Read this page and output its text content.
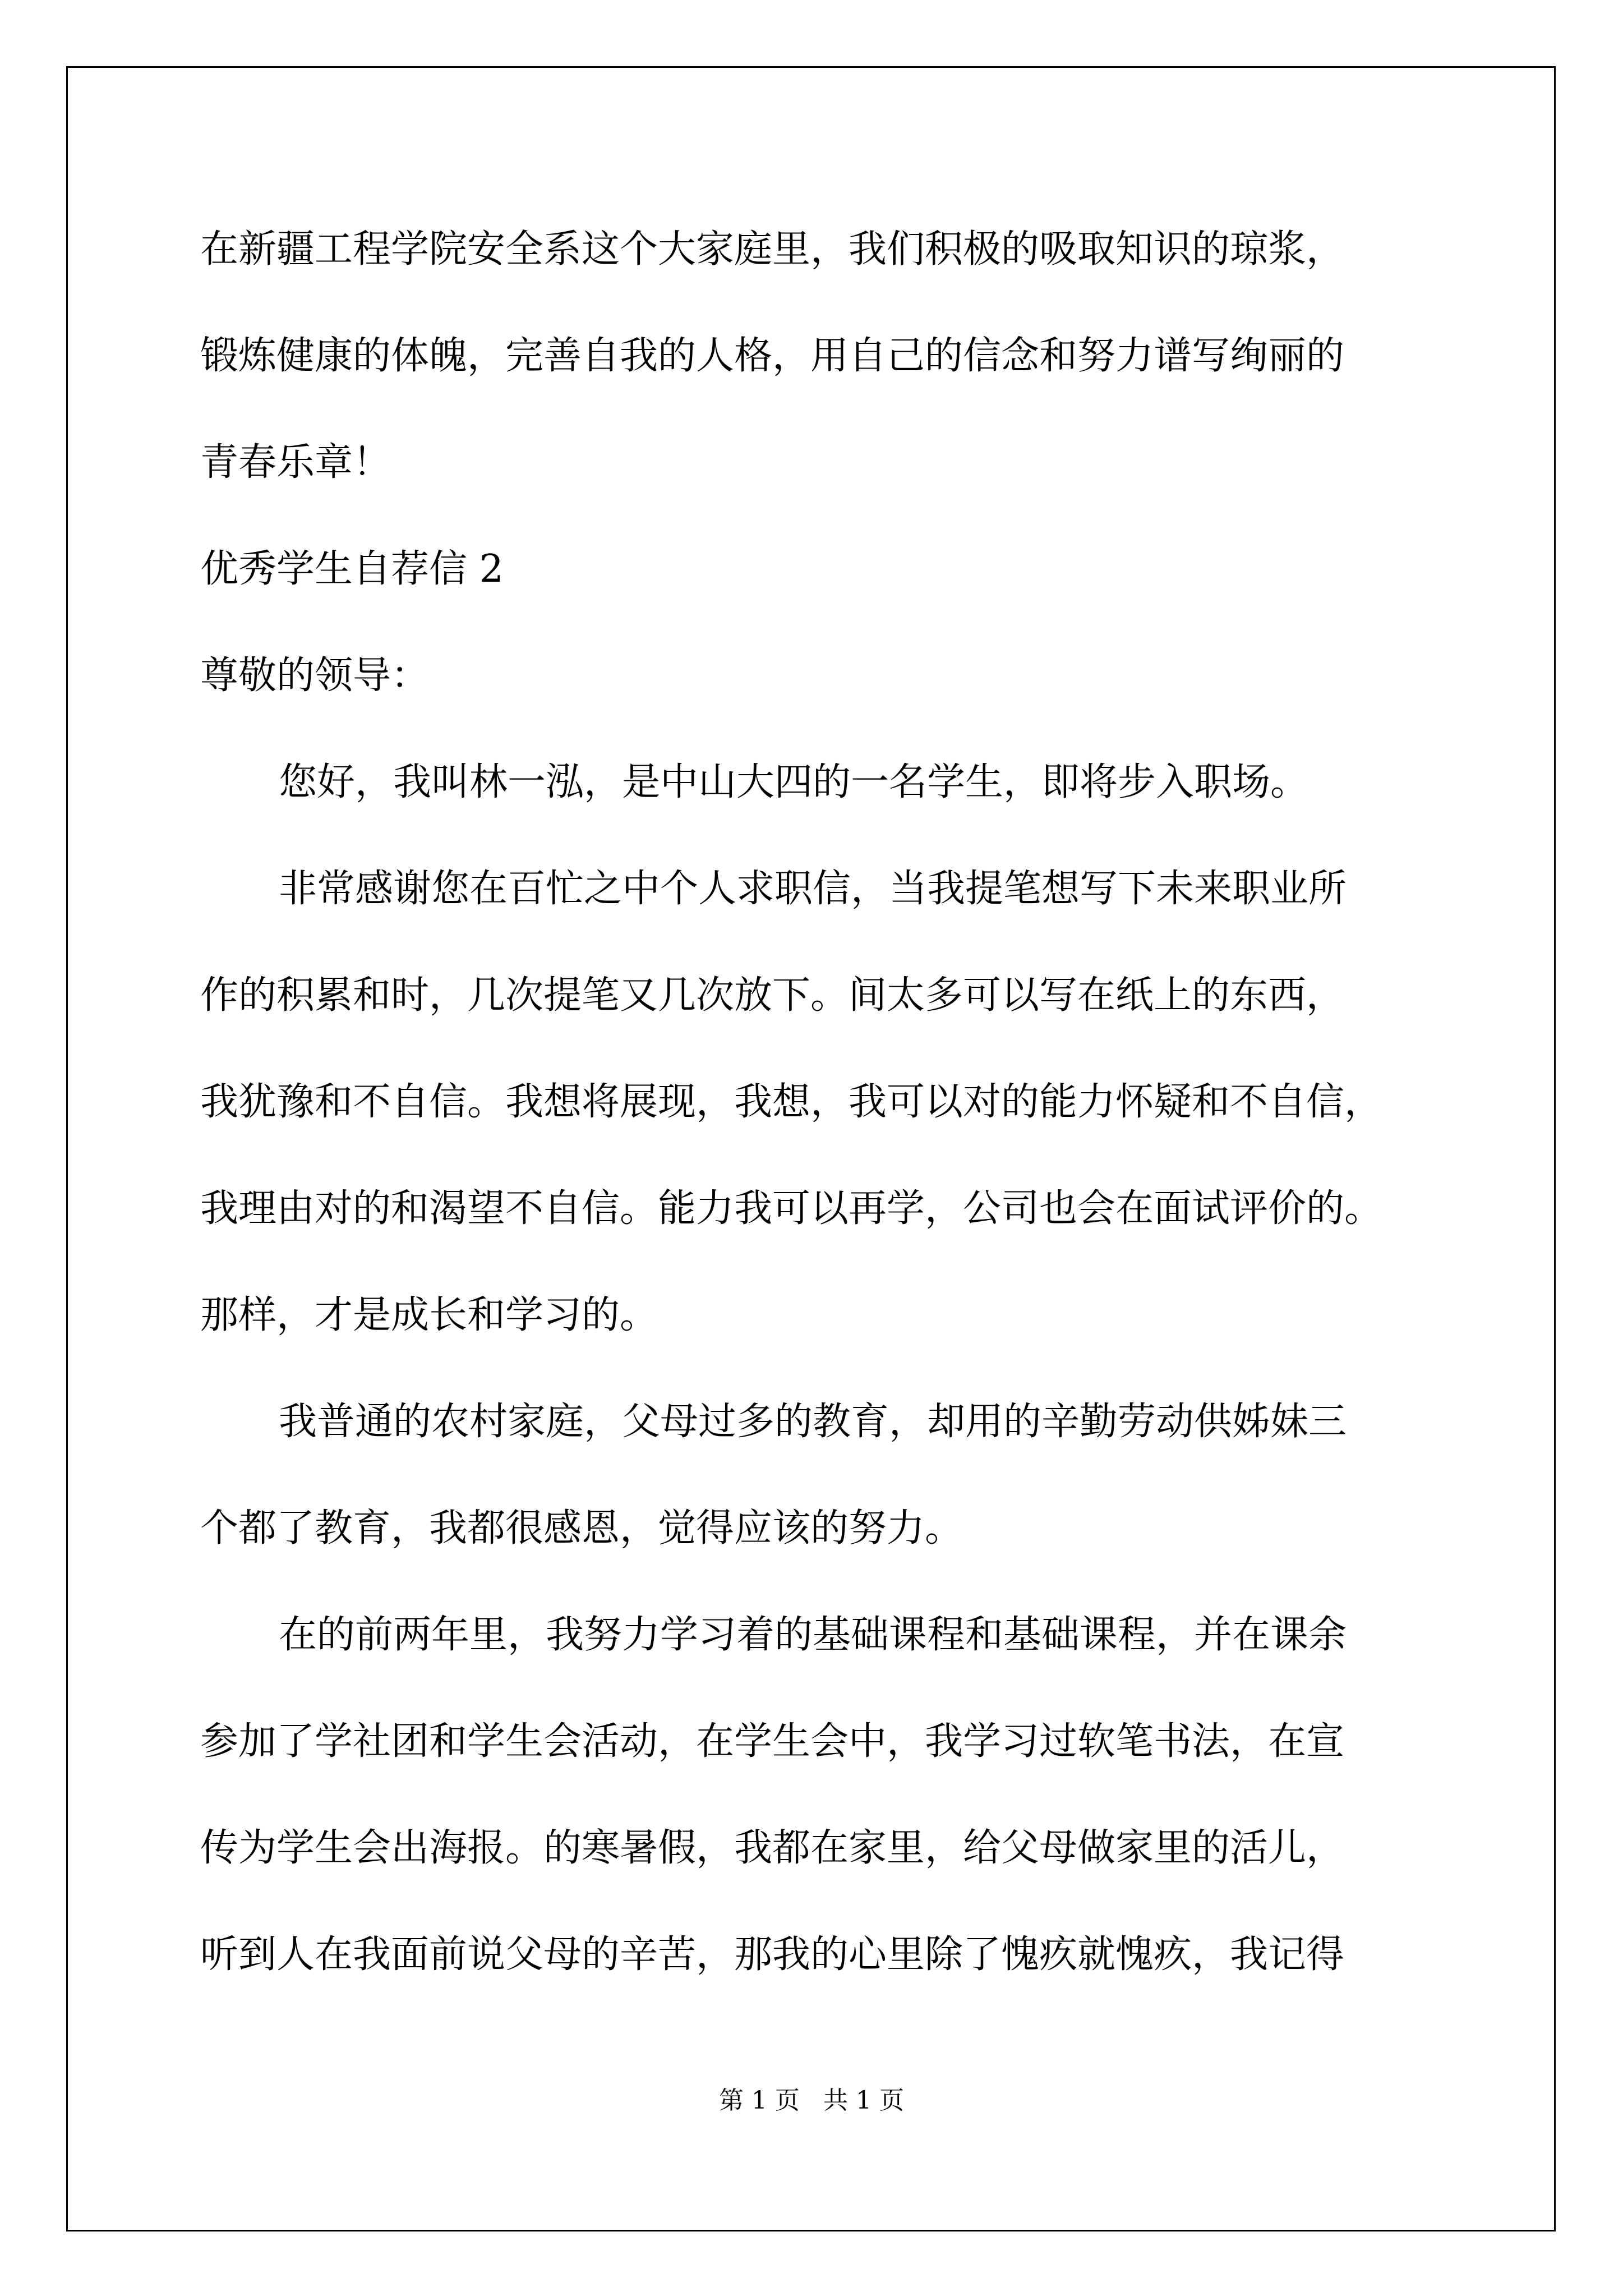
在新疆工程学院安全系这个大家庭里，我们积极的吸取知识的琼浆，

锻炼健康的体魄，完善自我的人格，用自己的信念和努力谱写绚丽的

青春乐章！

优秀学生自荐信 2

尊敬的领导：

您好，我叫林一泓，是中山大四的一名学生，即将步入职场。

非常感谢您在百忙之中个人求职信，当我提笔想写下未来职业所

作的积累和时，几次提笔又几次放下。间太多可以写在纸上的东西，

我犹豫和不自信。我想将展现，我想，我可以对的能力怀疑和不自信，

我理由对的和渴望不自信。能力我可以再学，公司也会在面试评价的。

那样，才是成长和学习的。

我普通的农村家庭，父母过多的教育，却用的辛勤劳动供姊妹三

个都了教育，我都很感恩，觉得应该的努力。

在的前两年里，我努力学习着的基础课程和基础课程，并在课余

参加了学社团和学生会活动，在学生会中，我学习过软笔书法，在宣

传为学生会出海报。的寒暑假，我都在家里，给父母做家里的活儿，

听到人在我面前说父母的辛苦，那我的心里除了愧疚就愧疚，我记得

第 1 页   共 1 页
